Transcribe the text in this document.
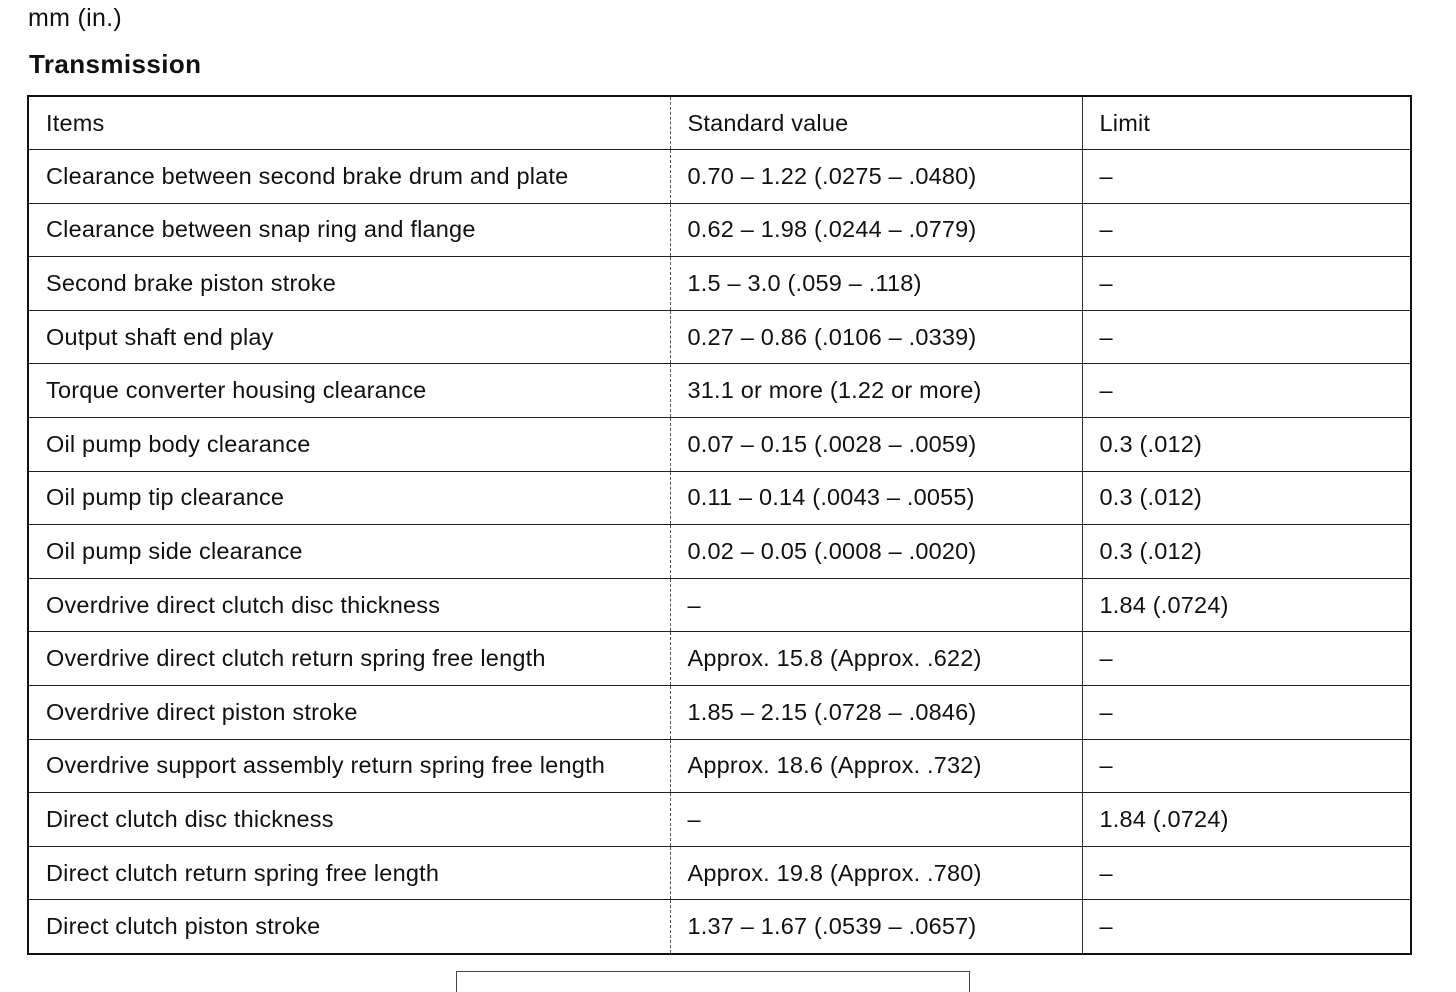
mm (in.)
Transmission
Items	Standard value	Limit
Clearance between second brake drum and plate	0.70 – 1.22 (.0275 – .0480)	–
Clearance between snap ring and flange	0.62 – 1.98 (.0244 – .0779)	–
Second brake piston stroke	1.5 – 3.0 (.059 – .118)	–
Output shaft end play	0.27 – 0.86 (.0106 – .0339)	–
Torque converter housing clearance	31.1 or more (1.22 or more)	–
Oil pump body clearance	0.07 – 0.15 (.0028 – .0059)	0.3 (.012)
Oil pump tip clearance	0.11 – 0.14 (.0043 – .0055)	0.3 (.012)
Oil pump side clearance	0.02 – 0.05 (.0008 – .0020)	0.3 (.012)
Overdrive direct clutch disc thickness	–	1.84 (.0724)
Overdrive direct clutch return spring free length	Approx. 15.8 (Approx. .622)	–
Overdrive direct piston stroke	1.85 – 2.15 (.0728 – .0846)	–
Overdrive support assembly return spring free length	Approx. 18.6 (Approx. .732)	–
Direct clutch disc thickness	–	1.84 (.0724)
Direct clutch return spring free length	Approx. 19.8 (Approx. .780)	–
Direct clutch piston stroke	1.37 – 1.67 (.0539 – .0657)	–
